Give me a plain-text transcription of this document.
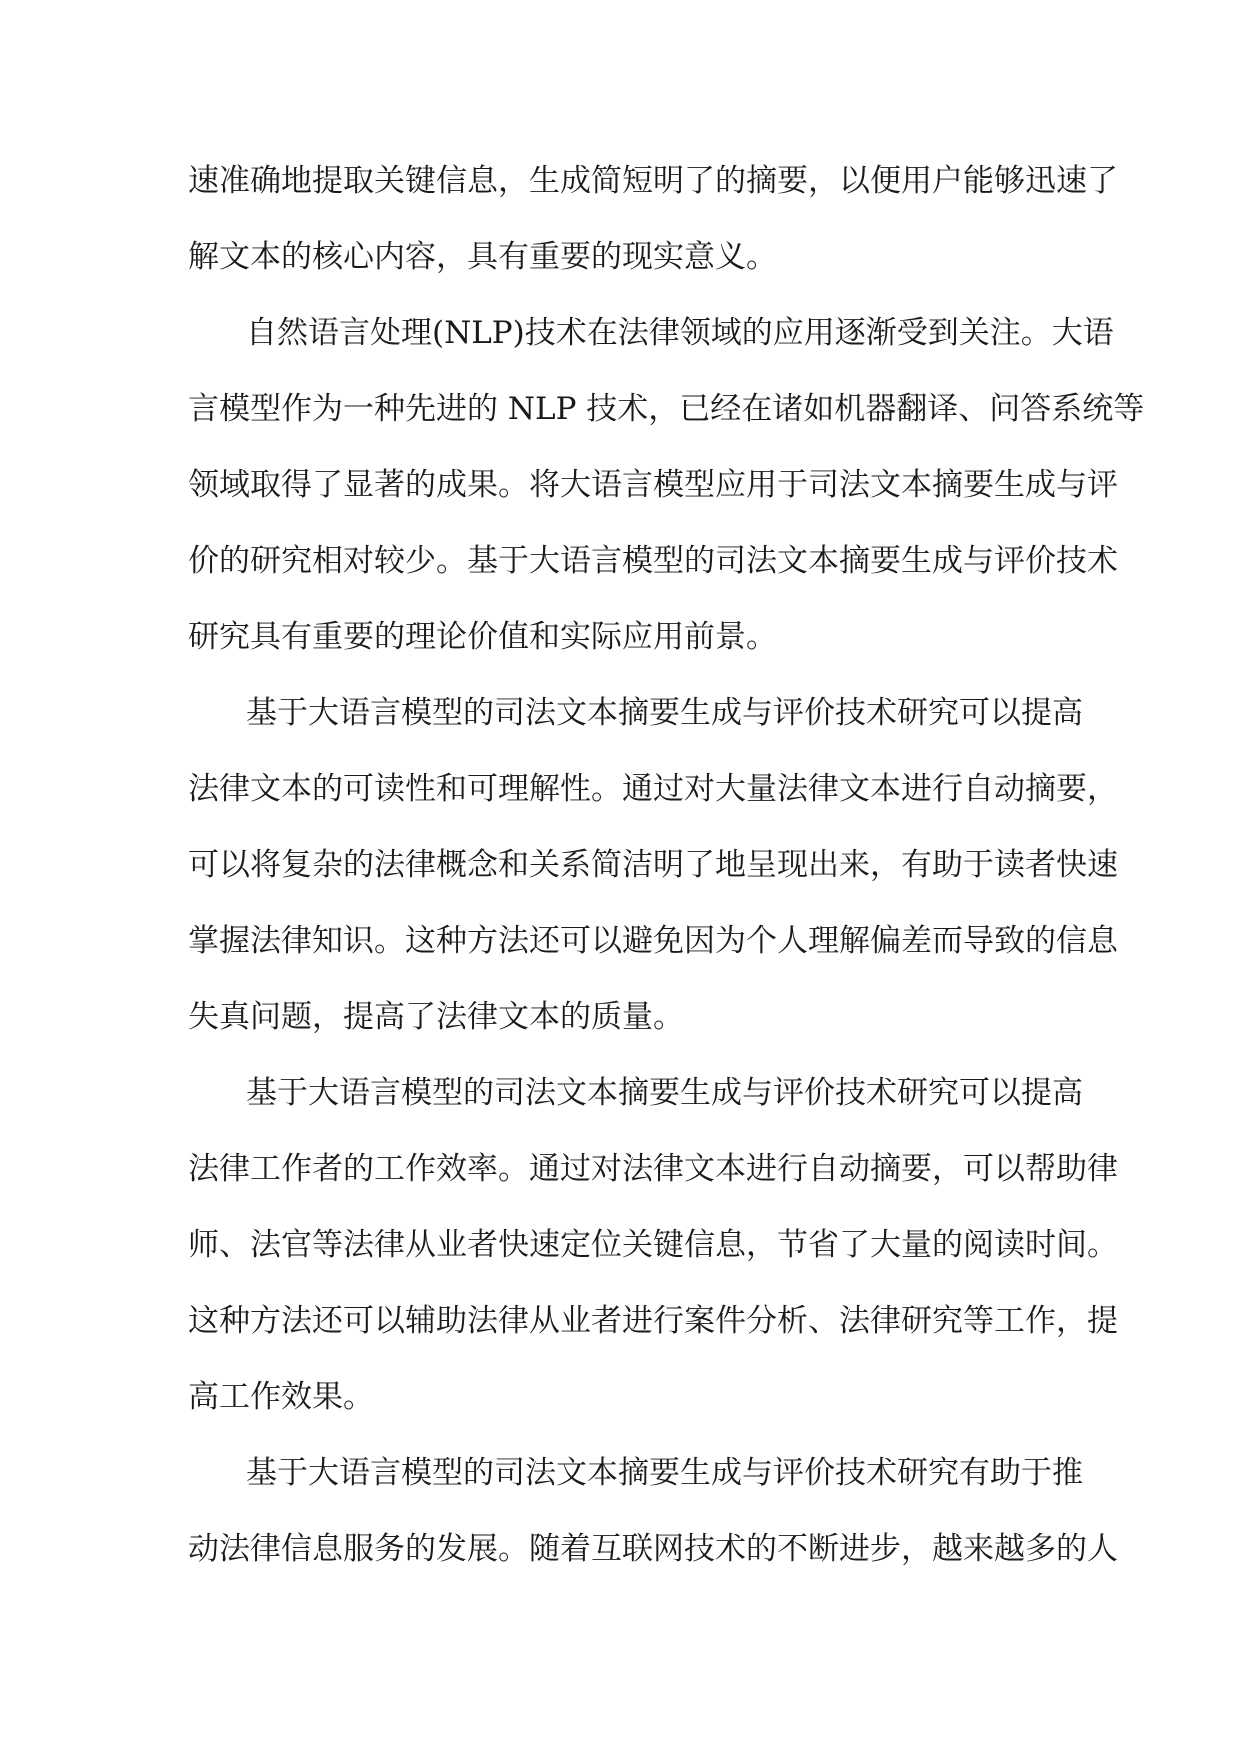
速准确地提取关键信息，生成简短明了的摘要，以便用户能够迅速了
解文本的核心内容，具有重要的现实意义。
自然语言处理(NLP)技术在法律领域的应用逐渐受到关注。大语
言模型作为一种先进的 NLP 技术，已经在诸如机器翻译、问答系统等
领域取得了显著的成果。将大语言模型应用于司法文本摘要生成与评
价的研究相对较少。基于大语言模型的司法文本摘要生成与评价技术
研究具有重要的理论价值和实际应用前景。
基于大语言模型的司法文本摘要生成与评价技术研究可以提高
法律文本的可读性和可理解性。通过对大量法律文本进行自动摘要，
可以将复杂的法律概念和关系简洁明了地呈现出来，有助于读者快速
掌握法律知识。这种方法还可以避免因为个人理解偏差而导致的信息
失真问题，提高了法律文本的质量。
基于大语言模型的司法文本摘要生成与评价技术研究可以提高
法律工作者的工作效率。通过对法律文本进行自动摘要，可以帮助律
师、法官等法律从业者快速定位关键信息，节省了大量的阅读时间。
这种方法还可以辅助法律从业者进行案件分析、法律研究等工作，提
高工作效果。
基于大语言模型的司法文本摘要生成与评价技术研究有助于推
动法律信息服务的发展。随着互联网技术的不断进步，越来越多的人
